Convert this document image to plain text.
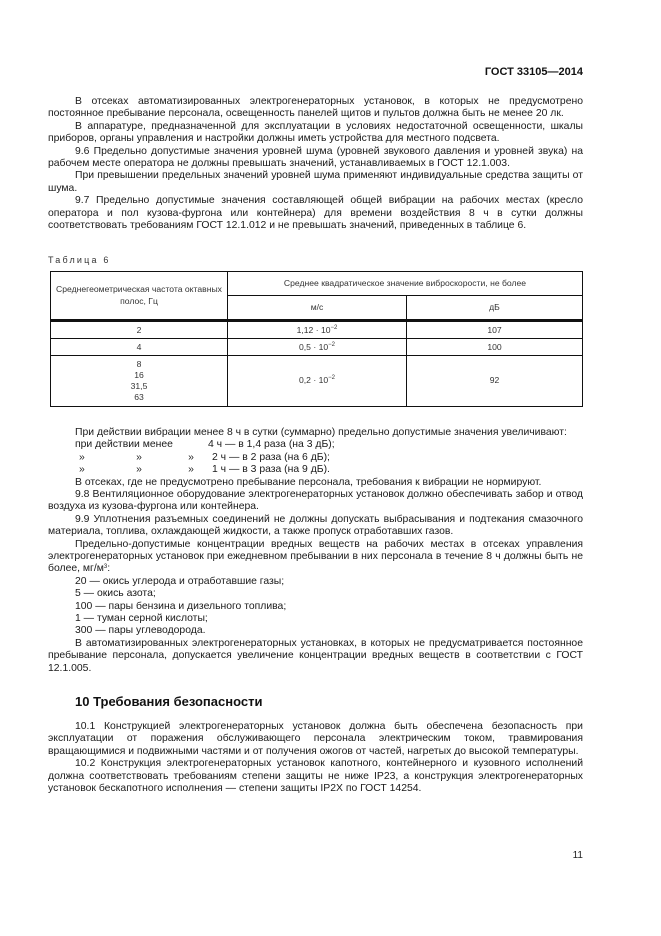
ГОСТ 33105—2014

В отсеках автоматизированных электрогенераторных установок, в которых не предусмотрено постоянное пребывание персонала, освещенность панелей щитов и пультов должна быть не менее 20 лк.

В аппаратуре, предназначенной для эксплуатации в условиях недостаточной освещенности, шкалы приборов, органы управления и настройки должны иметь устройства для местного подсвета.

9.6 Предельно допустимые значения уровней шума (уровней звукового давления и уровней звука) на рабочем месте оператора не должны превышать значений, устанавливаемых в ГОСТ 12.1.003.

При превышении предельных значений уровней шума применяют индивидуальные средства защиты от шума.

9.7 Предельно допустимые значения составляющей общей вибрации на рабочих местах (кресло оператора и пол кузова-фургона или контейнера) для времени воздействия 8 ч в сутки должны соответствовать требованиям ГОСТ 12.1.012 и не превышать значений, приведенных в таблице 6.

Таблица 6
Среднегеометрическая частота октавных полос, Гц	Среднее квадратическое значение виброскорости, не более	
	м/с	дБ
2	$1,12 \cdot 10^{-2}$	107
4	$0,5 \cdot 10^{-2}$	100

8
16
31,5
63	$0,2 \cdot 10^{-2}$	92

При действии вибрации менее 8 ч в сутки (суммарно) предельно допустимые значения увеличивают:

при действии менее	4 ч — в 1,4 раза (на 3 дБ);
»	»	»	2 ч — в 2 раза (на 6 дБ);
»	»	»	1 ч — в 3 раза (на 9 дБ).

В отсеках, где не предусмотрено пребывание персонала, требования к вибрации не нормируют.

9.8 Вентиляционное оборудование электрогенераторных установок должно обеспечивать забор и отвод воздуха из кузова-фургона или контейнера.

9.9 Уплотнения разъемных соединений не должны допускать выбрасывания и подтекания смазочного материала, топлива, охлаждающей жидкости, а также пропуск отработавших газов.

Предельно-допустимые концентрации вредных веществ на рабочих местах в отсеках управления электрогенераторных установок при ежедневном пребывании в них персонала в течение 8 ч должны быть не более, $мг/м^3$:

20 — окись углерода и отработавшие газы;
5 — окись азота;
100 — пары бензина и дизельного топлива;
1 — туман серной кислоты;
300 — пары углеводорода.

В автоматизированных электрогенераторных установках, в которых не предусматривается постоянное пребывание персонала, допускается увеличение концентрации вредных веществ в соответствии с ГОСТ 12.1.005.

10 Требования безопасности

10.1 Конструкцией электрогенераторных установок должна быть обеспечена безопасность при эксплуатации от поражения обслуживающего персонала электрическим током, травмирования вращающимися и подвижными частями и от получения ожогов от частей, нагретых до высокой температуры.

10.2 Конструкция электрогенераторных установок капотного, контейнерного и кузовного исполнений должна соответствовать требованиям степени защиты не ниже IP23, а конструкция электрогенераторных установок бескапотного исполнения — степени защиты IP2X по ГОСТ 14254.

11
